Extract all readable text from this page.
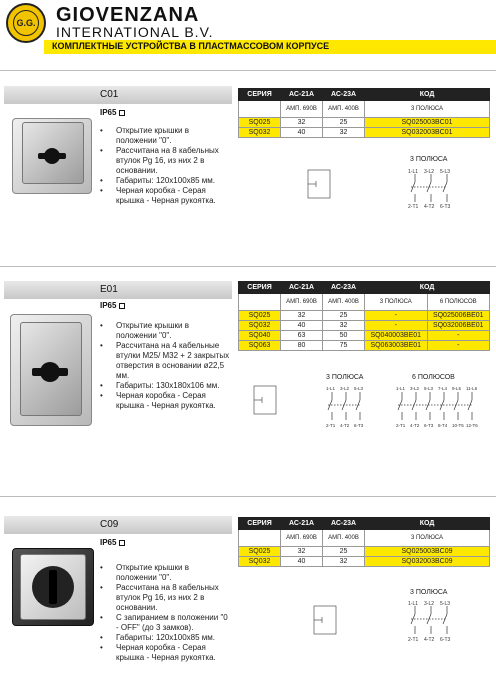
G.G. GIOVENZANA
INTERNATIONAL B.V.
КОМПЛЕКТНЫЕ УСТРОЙСТВА В ПЛАСТМАССОВОМ КОРПУСЕ
C01
IP65
• Открытие крышки в положении "0".
• Рассчитана на 8 кабельных втулок Pg 16, из них 2 в основании.
• Габариты: 120x100x85 мм.
• Черная коробка - Серая крышка - Черная рукоятка.
СЕРИЯ	АС-21А	АС-23А	КОД
	АМП. 690В	АМП. 400В	3 ПОЛЮСА
SQ025	32	25	SQ025003BC01
SQ032	40	32	SQ032003BC01
3 ПОЛЮСА
1-L1 3-L2 5-L3
2-T1 4-T2 6-T3
E01
IP65
• Открытие крышки в положении "0".
• Рассчитана на 4 кабельные втулки M25/ M32 + 2 закрытых отверстия в основании ø22,5 мм.
• Габариты: 130x180x106 мм.
• Черная коробка - Серая крышка - Черная рукоятка.
СЕРИЯ	АС-21А	АС-23А	КОД	
	АМП. 690В	АМП. 400В	3 ПОЛЮСА	6 ПОЛЮСОВ
SQ025	32	25	-	SQ025006BE01
SQ032	40	32	-	SQ032006BE01
SQ040	63	50	SQ040003BE01	-
SQ063	80	75	SQ063003BE01	-
3 ПОЛЮСА	6 ПОЛЮСОВ
1-L1 3-L2 5-L3
2-T1 4-T2 6-T3
1-L1 3-L2 5-L3 7-L4 9-L5 11-L6
2-T1 4-T2 6-T3 8-T4 10-T5 12-T6
C09
IP65
• Открытие крышки в положении "0".
• Рассчитана на 8 кабельных втулок Pg 16, из них 2 в основании.
• С запиранием в положении "0 - OFF" (до 3 замков).
• Габариты: 120x100x85 мм.
• Черная коробка - Серая крышка - Черная рукоятка.
СЕРИЯ	АС-21А	АС-23А	КОД
	АМП. 690В	АМП. 400В	3 ПОЛЮСА
SQ025	32	25	SQ025003BC09
SQ032	40	32	SQ032003BC09
3 ПОЛЮСА
1-L1 3-L2 5-L3
2-T1 4-T2 6-T3
